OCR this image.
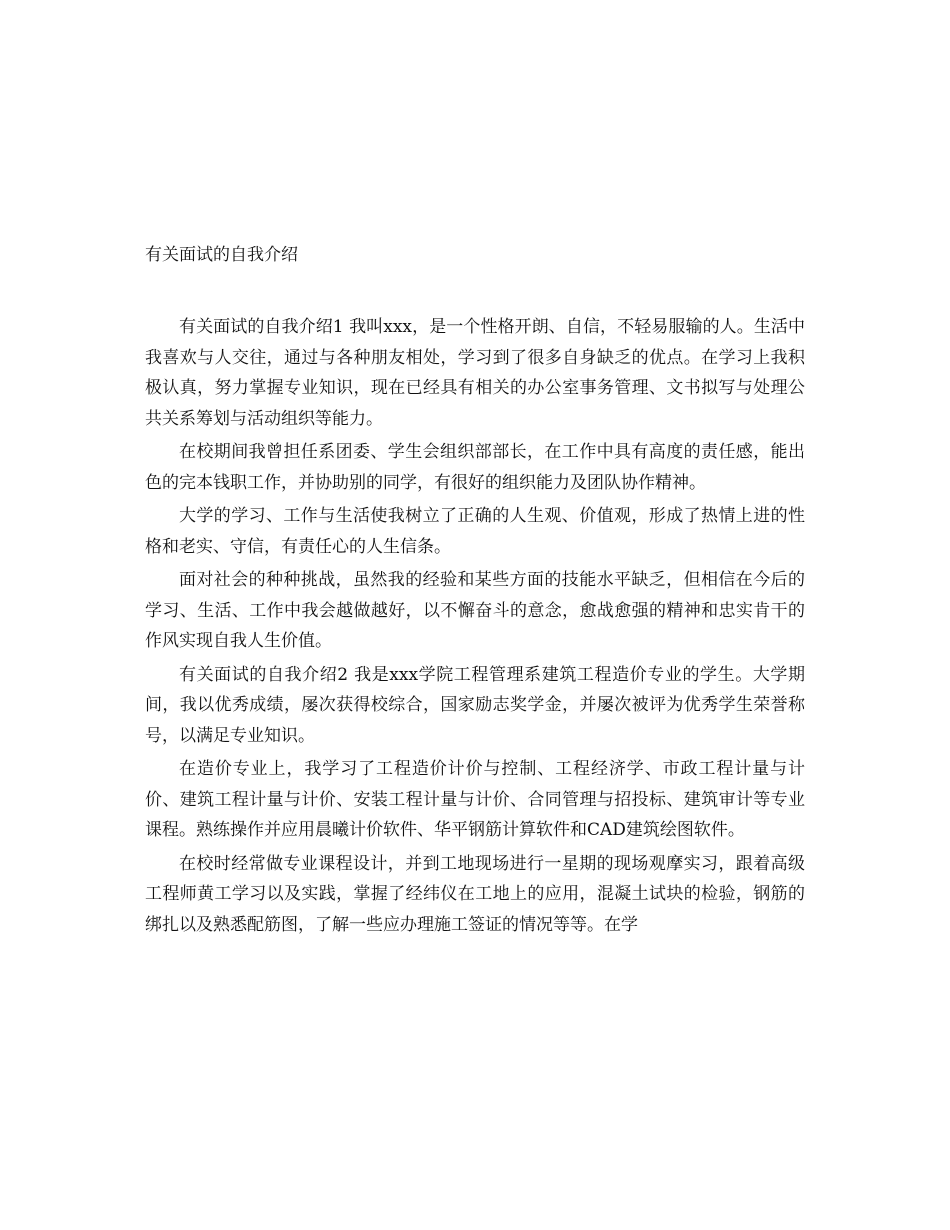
有关面试的自我介绍

有关面试的自我介绍1 我叫xxx，是一个性格开朗、自信，不轻易服输的人。生活中我喜欢与人交往，通过与各种朋友相处，学习到了很多自身缺乏的优点。在学习上我积极认真，努力掌握专业知识，现在已经具有相关的办公室事务管理、文书拟写与处理公共关系筹划与活动组织等能力。

在校期间我曾担任系团委、学生会组织部部长，在工作中具有高度的责任感，能出色的完本钱职工作，并协助别的同学，有很好的组织能力及团队协作精神。

大学的学习、工作与生活使我树立了正确的人生观、价值观，形成了热情上进的性格和老实、守信，有责任心的人生信条。

面对社会的种种挑战，虽然我的经验和某些方面的技能水平缺乏，但相信在今后的学习、生活、工作中我会越做越好，以不懈奋斗的意念，愈战愈强的精神和忠实肯干的作风实现自我人生价值。

有关面试的自我介绍2 我是xxx学院工程管理系建筑工程造价专业的学生。大学期间，我以优秀成绩，屡次获得校综合，国家励志奖学金，并屡次被评为优秀学生荣誉称号，以满足专业知识。

在造价专业上，我学习了工程造价计价与控制、工程经济学、市政工程计量与计价、建筑工程计量与计价、安装工程计量与计价、合同管理与招投标、建筑审计等专业课程。熟练操作并应用晨曦计价软件、华平钢筋计算软件和CAD建筑绘图软件。

在校时经常做专业课程设计，并到工地现场进行一星期的现场观摩实习，跟着高级工程师黄工学习以及实践，掌握了经纬仪在工地上的应用，混凝土试块的检验，钢筋的绑扎以及熟悉配筋图，了解一些应办理施工签证的情况等等。在学
